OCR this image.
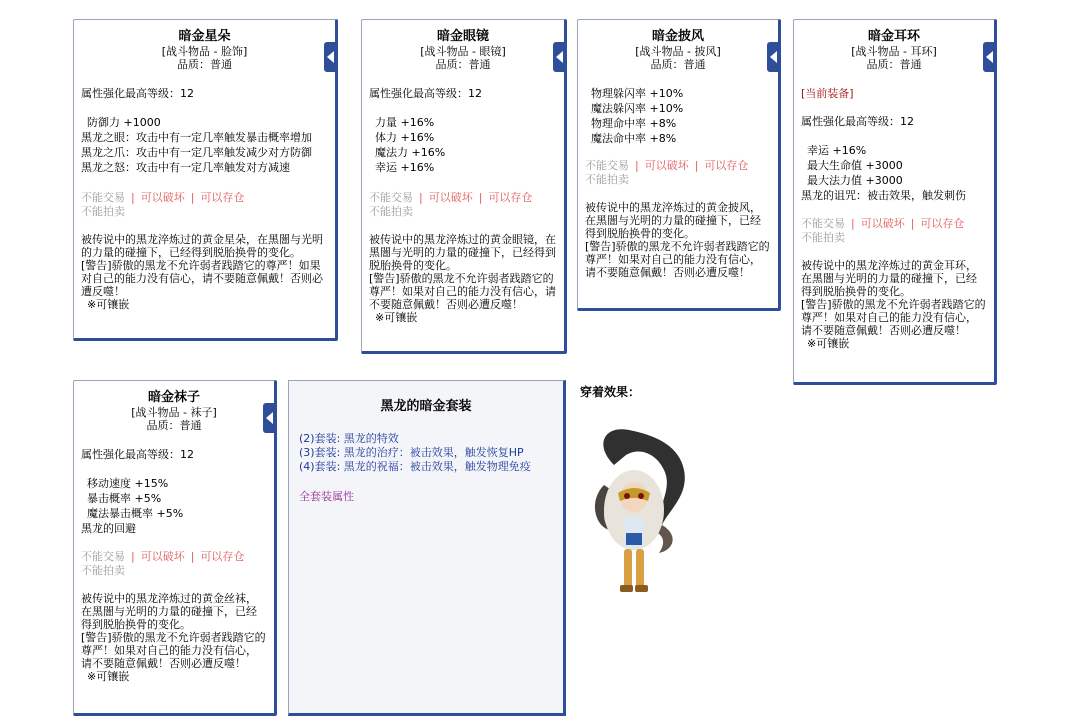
暗金星朵
[战斗物品 - 脸饰]
品质：普通
属性强化最高等级：12
防御力 +1000
黑龙之眼：攻击中有一定几率触发暴击概率增加
黑龙之爪：攻击中有一定几率触发减少对方防御
黑龙之怒：攻击中有一定几率触发对方减速
不能交易 | 可以破坏 | 可以存仓
不能拍卖
被传说中的黑龙淬炼过的黄金星朵，在黑闇与光明的力量的碰撞下，已经得到脱胎换骨的变化。
[警告]骄傲的黑龙不允许弱者践踏它的尊严！如果对自己的能力没有信心，请不要随意佩戴！否则必遭反噬！
※可镶嵌
暗金眼镜
[战斗物品 - 眼镜]
品质：普通
属性强化最高等级：12
力量 +16%
体力 +16%
魔法力 +16%
幸运 +16%
不能交易 | 可以破坏 | 可以存仓
不能拍卖
被传说中的黑龙淬炼过的黄金眼镜，在黑闇与光明的力量的碰撞下，已经得到脱胎换骨的变化。
[警告]骄傲的黑龙不允许弱者践踏它的尊严！如果对自己的能力没有信心，请不要随意佩戴！否则必遭反噬！
※可镶嵌
暗金披风
[战斗物品 - 披风]
品质：普通
物理躲闪率 +10%
魔法躲闪率 +10%
物理命中率 +8%
魔法命中率 +8%
不能交易 | 可以破坏 | 可以存仓
不能拍卖
被传说中的黑龙淬炼过的黄金披风，在黑闇与光明的力量的碰撞下，已经得到脱胎换骨的变化。
[警告]骄傲的黑龙不允许弱者践踏它的尊严！如果对自己的能力没有信心，请不要随意佩戴！否则必遭反噬！
暗金耳环
[战斗物品 - 耳环]
品质：普通
[当前装备]
属性强化最高等级：12
幸运 +16%
最大生命值 +3000
最大法力值 +3000
黑龙的诅咒：被击效果，触发刺伤
不能交易 | 可以破坏 | 可以存仓
不能拍卖
被传说中的黑龙淬炼过的黄金耳环，在黑闇与光明的力量的碰撞下，已经得到脱胎换骨的变化。
[警告]骄傲的黑龙不允许弱者践踏它的尊严！如果对自己的能力没有信心，请不要随意佩戴！否则必遭反噬！
※可镶嵌
暗金袜子
[战斗物品 - 袜子]
品质：普通
属性强化最高等级：12
移动速度 +15%
暴击概率 +5%
魔法暴击概率 +5%
黑龙的回避
不能交易 | 可以破坏 | 可以存仓
不能拍卖
被传说中的黑龙淬炼过的黄金丝袜，在黑闇与光明的力量的碰撞下，已经得到脱胎换骨的变化。
[警告]骄傲的黑龙不允许弱者践踏它的尊严！如果对自己的能力没有信心，请不要随意佩戴！否则必遭反噬！
※可镶嵌
黑龙的暗金套装
(2)套装: 黑龙的特效
(3)套装: 黑龙的治疗：被击效果，触发恢复HP
(4)套装: 黑龙的祝福：被击效果，触发物理免疫
全套装属性
穿着效果：
